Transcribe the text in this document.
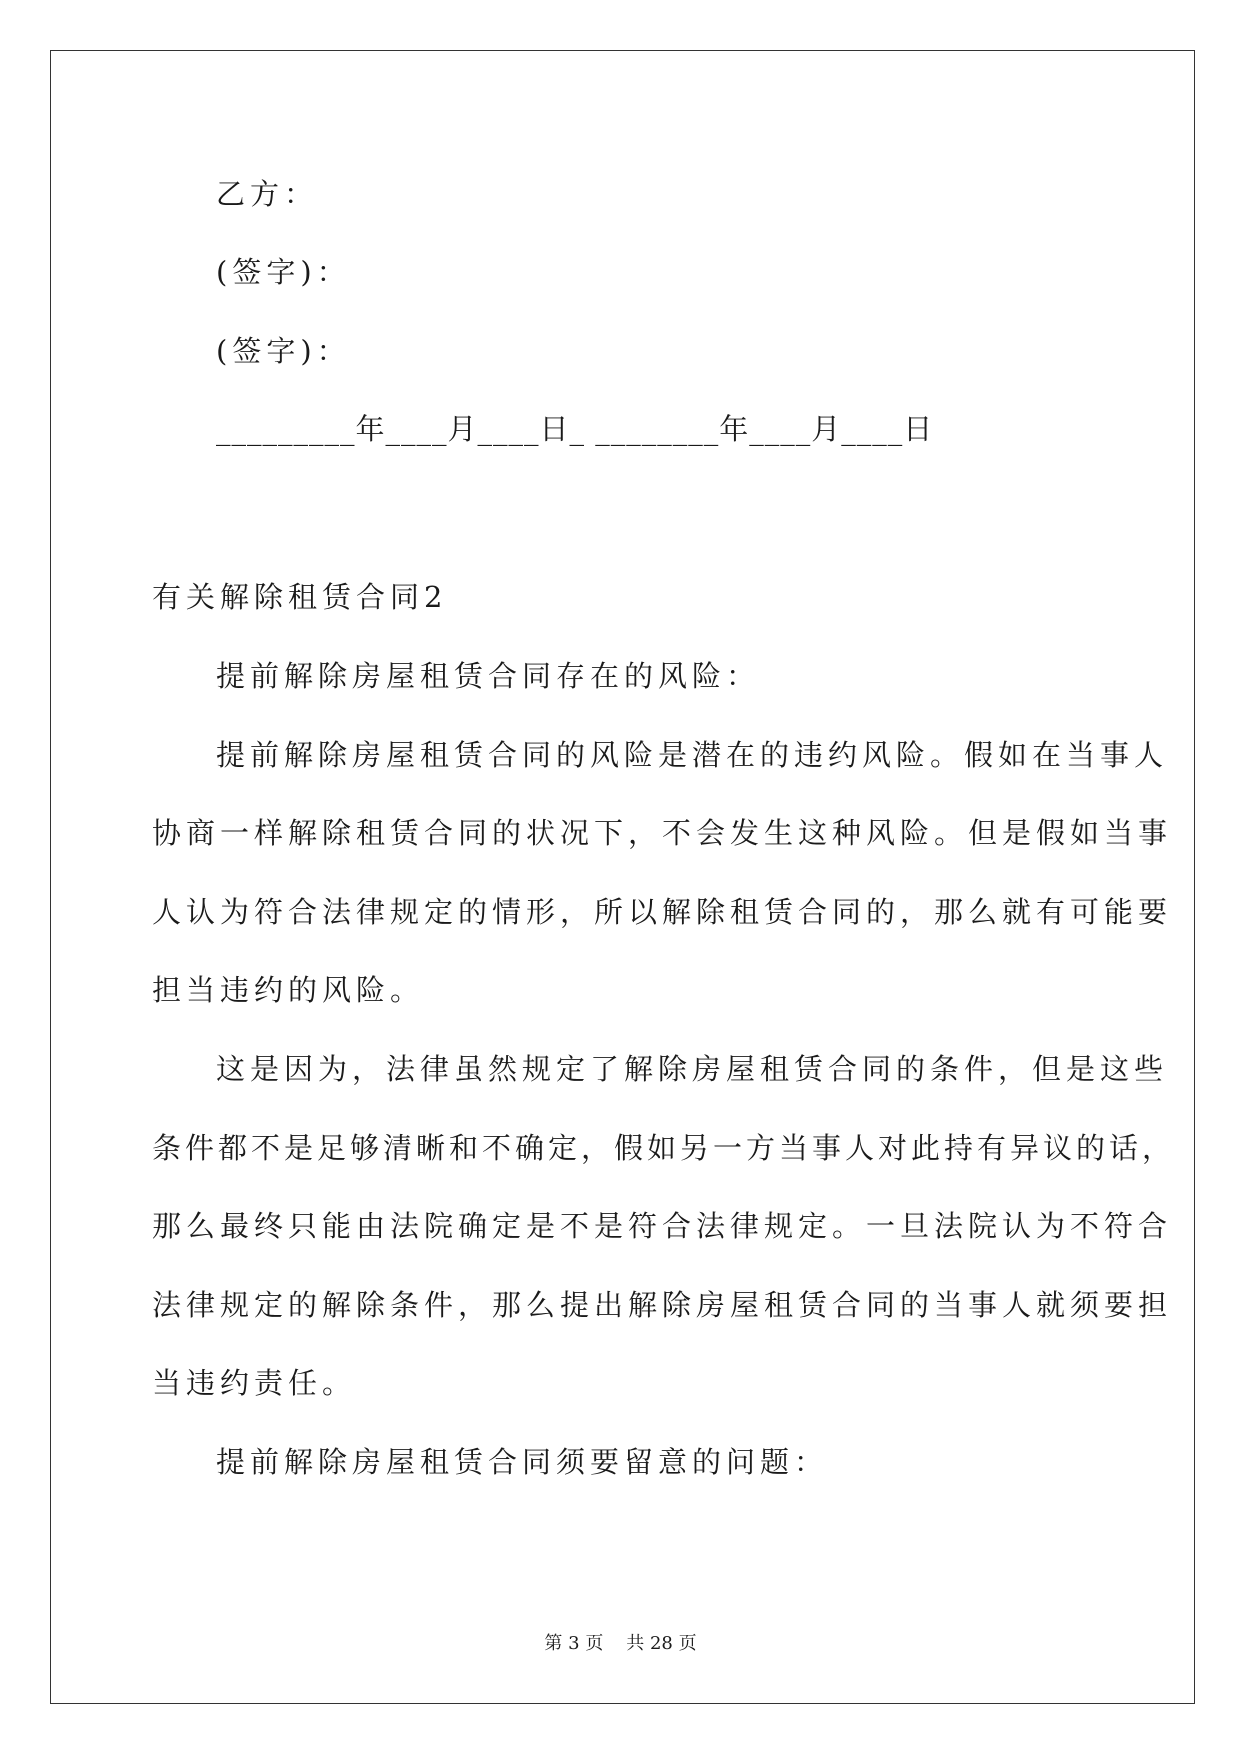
乙方：
(签字)：
(签字)：
_________年____月____日_ ________年____月____日
有关解除租赁合同2
提前解除房屋租赁合同存在的风险：
提前解除房屋租赁合同的风险是潜在的违约风险。假如在当事人
协商一样解除租赁合同的状况下，不会发生这种风险。但是假如当事
人认为符合法律规定的情形，所以解除租赁合同的，那么就有可能要
担当违约的风险。
这是因为，法律虽然规定了解除房屋租赁合同的条件，但是这些
条件都不是足够清晰和不确定，假如另一方当事人对此持有异议的话，
那么最终只能由法院确定是不是符合法律规定。一旦法院认为不符合
法律规定的解除条件，那么提出解除房屋租赁合同的当事人就须要担
当违约责任。
提前解除房屋租赁合同须要留意的问题：
第 3 页 共 28 页
